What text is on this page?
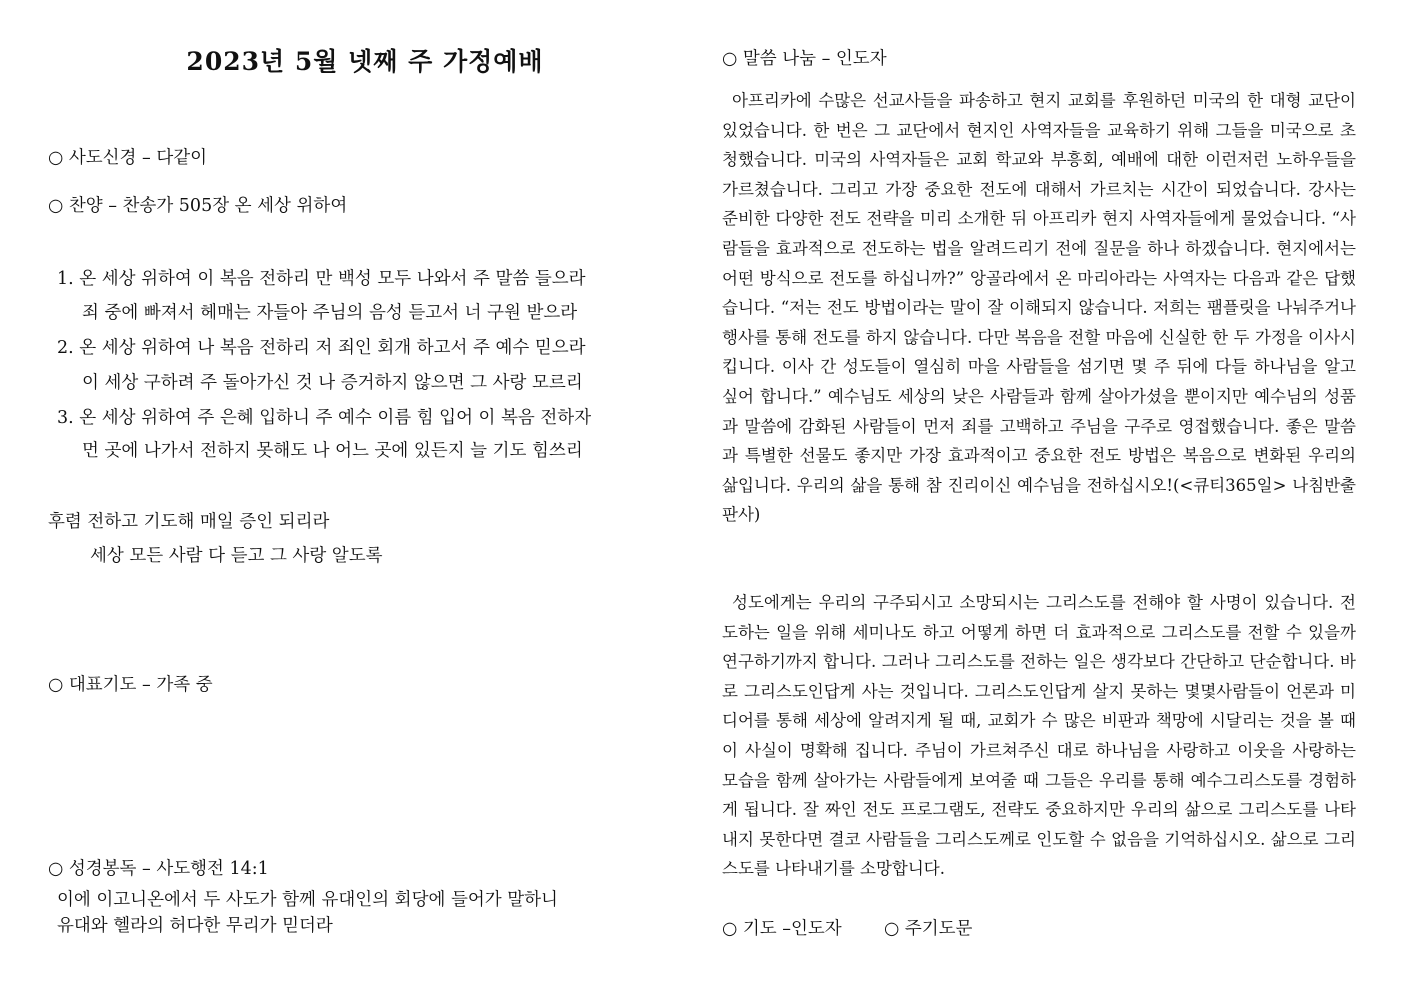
2023년 5월 넷째 주 가정예배
○ 사도신경 – 다같이
○ 찬양 – 찬송가 505장 온 세상 위하여
1. 온 세상 위하여 이 복음 전하리 만 백성 모두 나와서 주 말씀 들으라
죄 중에 빠져서 헤매는 자들아 주님의 음성 듣고서 너 구원 받으라
2. 온 세상 위하여 나 복음 전하리 저 죄인 회개 하고서 주 예수 믿으라
이 세상 구하려 주 돌아가신 것 나 증거하지 않으면 그 사랑 모르리
3. 온 세상 위하여 주 은혜 입하니 주 예수 이름 힘 입어 이 복음 전하자
먼 곳에 나가서 전하지 못해도 나 어느 곳에 있든지 늘 기도 힘쓰리
후렴 전하고 기도해 매일 증인 되리라
세상 모든 사람 다 듣고 그 사랑 알도록
○ 대표기도 – 가족 중
○ 성경봉독 – 사도행전 14:1
이에 이고니온에서 두 사도가 함께 유대인의 회당에 들어가 말하니
유대와 헬라의 허다한 무리가 믿더라
○ 말씀 나눔 – 인도자
아프리카에 수많은 선교사들을 파송하고 현지 교회를 후원하던 미국의 한 대형 교단이 있었습니다. 한 번은 그 교단에서 현지인 사역자들을 교육하기 위해 그들을 미국으로 초청했습니다. 미국의 사역자들은 교회 학교와 부흥회, 예배에 대한 이런저런 노하우들을 가르쳤습니다. 그리고 가장 중요한 전도에 대해서 가르치는 시간이 되었습니다. 강사는 준비한 다양한 전도 전략을 미리 소개한 뒤 아프리카 현지 사역자들에게 물었습니다. “사람들을 효과적으로 전도하는 법을 알려드리기 전에 질문을 하나 하겠습니다. 현지에서는 어떤 방식으로 전도를 하십니까?” 앙골라에서 온 마리아라는 사역자는 다음과 같은 답했습니다. “저는 전도 방법이라는 말이 잘 이해되지 않습니다. 저희는 팸플릿을 나눠주거나 행사를 통해 전도를 하지 않습니다. 다만 복음을 전할 마음에 신실한 한 두 가정을 이사시킵니다. 이사 간 성도들이 열심히 마을 사람들을 섬기면 몇 주 뒤에 다들 하나님을 알고 싶어 합니다.” 예수님도 세상의 낮은 사람들과 함께 살아가셨을 뿐이지만 예수님의 성품과 말씀에 감화된 사람들이 먼저 죄를 고백하고 주님을 구주로 영접했습니다. 좋은 말씀과 특별한 선물도 좋지만 가장 효과적이고 중요한 전도 방법은 복음으로 변화된 우리의 삶입니다. 우리의 삶을 통해 참 진리이신 예수님을 전하십시오!(<큐티365일> 나침반출판사)
성도에게는 우리의 구주되시고 소망되시는 그리스도를 전해야 할 사명이 있습니다. 전도하는 일을 위해 세미나도 하고 어떻게 하면 더 효과적으로 그리스도를 전할 수 있을까 연구하기까지 합니다. 그러나 그리스도를 전하는 일은 생각보다 간단하고 단순합니다. 바로 그리스도인답게 사는 것입니다. 그리스도인답게 살지 못하는 몇몇사람들이 언론과 미디어를 통해 세상에 알려지게 될 때, 교회가 수 많은 비판과 책망에 시달리는 것을 볼 때 이 사실이 명확해 집니다. 주님이 가르쳐주신 대로 하나님을 사랑하고 이웃을 사랑하는 모습을 함께 살아가는 사람들에게 보여줄 때 그들은 우리를 통해 예수그리스도를 경험하게 됩니다. 잘 짜인 전도 프로그램도, 전략도 중요하지만 우리의 삶으로 그리스도를 나타내지 못한다면 결코 사람들을 그리스도께로 인도할 수 없음을 기억하십시오. 삶으로 그리스도를 나타내기를 소망합니다.
○ 기도 –인도자 ○ 주기도문
